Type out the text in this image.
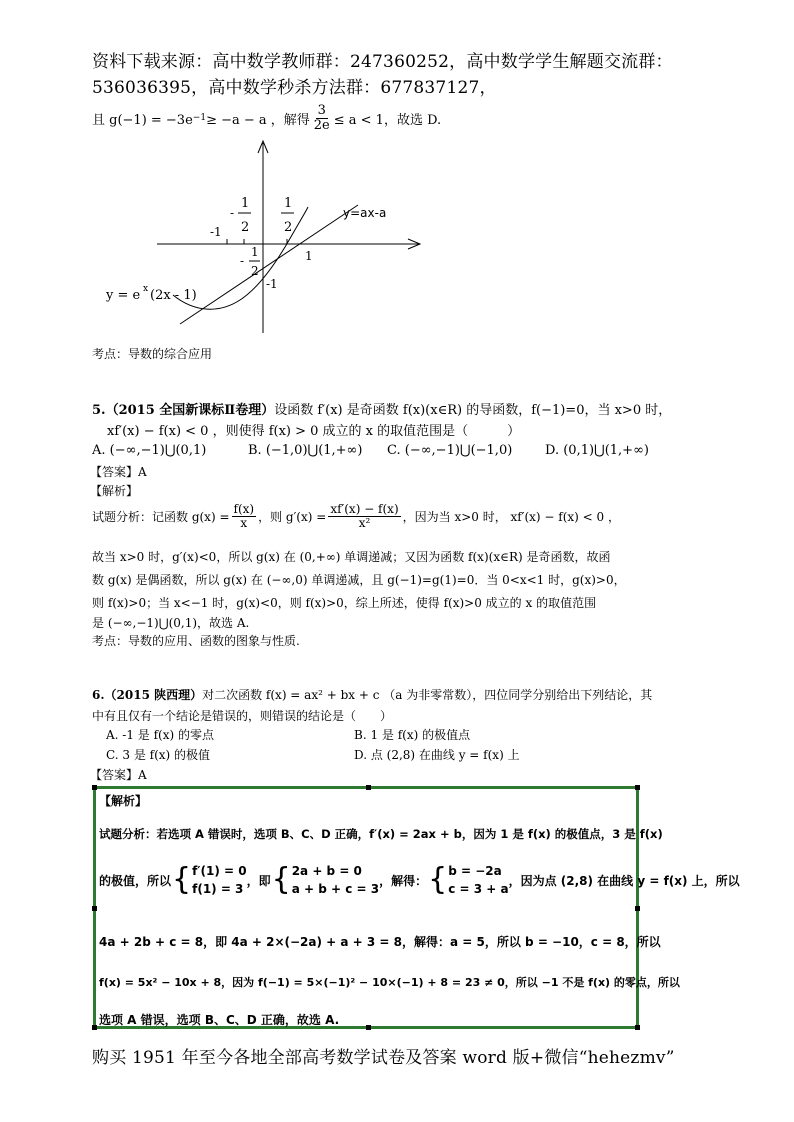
资料下载来源：高中数学教师群：247360252，高中数学学生解题交流群：
536036395，高中数学秒杀方法群：677837127，
且 g(−1) = −3e −1 ≥ −a − a ，解得 $\frac{3}{2e} \le a < 1$，故选 D.
-1
-
1
2
1
2
1
-1
-
1
2
y=ax-a
y = e x (2x - 1)
考点：导数的综合应用
5.（2015 全国新课标Ⅱ卷理）设函数 f′(x) 是奇函数 f(x)(x∈R) 的导函数，f(−1)=0，当 x>0 时，
xf′(x) − f(x) < 0 ，则使得 f(x) > 0 成立的 x 的取值范围是（　　　）
A. (−∞,−1)⋃(0,1)	B. (−1,0)⋃(1,+∞) C. (−∞,−1)⋃(−1,0)	D. (0,1)⋃(1,+∞)
【答案】A
【解析】
试题分析：记函数 $g(x) = \frac{f(x)}{x}$ ，则 $g'(x) = \frac{xf'(x) - f(x)}{\text{x²}}$ ，因为当 x>0 时， xf′(x) − f(x) < 0 ，
故当 x>0 时，g′(x)<0，所以 g(x) 在 (0,+∞) 单调递减；又因为函数 f(x)(x∈R) 是奇函数，故函
数 g(x) 是偶函数，所以 g(x) 在 (−∞,0) 单调递减，且 g(−1)=g(1)=0．当 0<x<1 时，g(x)>0，
则 f(x)>0；当 x<−1 时，g(x)<0，则 f(x)>0，综上所述，使得 f(x)>0 成立的 x 的取值范围
是 (−∞,−1)⋃(0,1)，故选 A.
考点：导数的应用、函数的图象与性质.
6.（2015 陕西理）对二次函数 f(x) = ax² + bx + c （a 为非零常数），四位同学分别给出下列结论，其
中有且仅有一个结论是错误的，则错误的结论是（　　）
A. -1 是 f(x) 的零点	B. 1 是 f(x) 的极值点
C. 3 是 f(x) 的极值	D. 点 (2,8) 在曲线 y = f(x) 上
【答案】A
【解析】
试题分析：若选项 A 错误时，选项 B、C、D 正确，f′(x) = 2ax + b，因为 1 是 f(x) 的极值点，3 是 f(x)
的极值，所以 { f′(1) = 0
f(1) = 3
，即 { 2a + b = 0
a + b + c = 3
，解得： { b = −2a
c = 3 + a
，因为点 (2,8) 在曲线 y = f(x) 上，所以
4a + 2b + c = 8，即 4a + 2×(−2a) + a + 3 = 8，解得：a = 5，所以 b = −10，c = 8，所以
f(x) = 5x² − 10x + 8，因为 f(−1) = 5×(−1)² − 10×(−1) + 8 = 23 ≠ 0，所以 −1 不是 f(x) 的零点，所以
选项 A 错误，选项 B、C、D 正确，故选 A.
购买 1951 年至今各地全部高考数学试卷及答案 word 版+微信“hehezmv”
